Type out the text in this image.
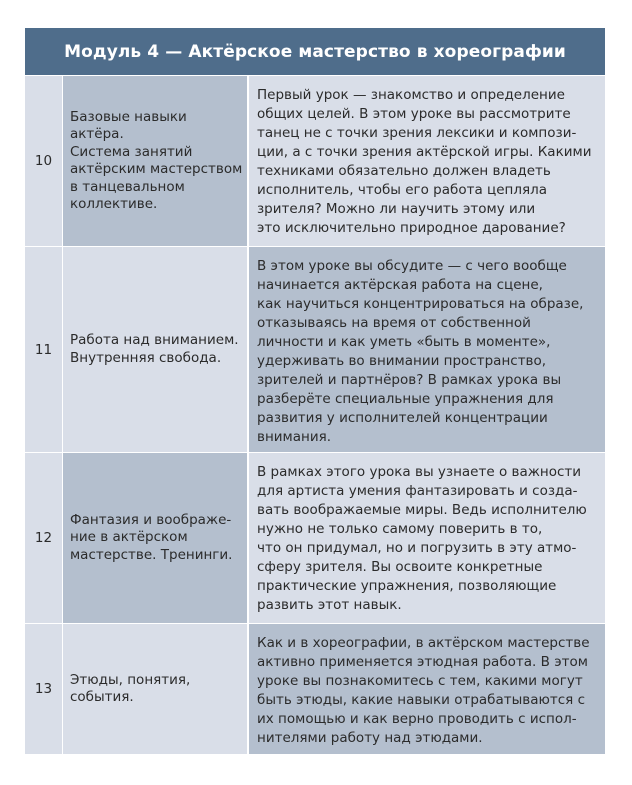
Модуль 4 — Актёрское мастерство в хореографии
10
Базовые навыки актёра.
Система занятий
актёрским мастерством
в танцевальном
коллективе.
Первый урок — знакомство и определение
общих целей. В этом уроке вы рассмотрите
танец не с точки зрения лексики и компози-
ции, а с точки зрения актёрской игры. Какими
техниками обязательно должен владеть
исполнитель, чтобы его работа цепляла
зрителя? Можно ли научить этому или
это исключительно природное дарование?
11
Работа над вниманием.
Внутренняя свобода.
В этом уроке вы обсудите — с чего вообще
начинается актёрская работа на сцене,
как научиться концентрироваться на образе,
отказываясь на время от собственной
личности и как уметь «быть в моменте»,
удерживать во внимании пространство,
зрителей и партнёров? В рамках урока вы
разберёте специальные упражнения для
развития у исполнителей концентрации
внимания.
12
Фантазия и воображе-
ние в актёрском
мастерстве. Тренинги.
В рамках этого урока вы узнаете о важности
для артиста умения фантазировать и созда-
вать воображаемые миры. Ведь исполнителю
нужно не только самому поверить в то,
что он придумал, но и погрузить в эту атмо-
сферу зрителя. Вы освоите конкретные
практические упражнения, позволяющие
развить этот навык.
13
Этюды, понятия,
события.
Как и в хореографии, в актёрском мастерстве
активно применяется этюдная работа. В этом
уроке вы познакомитесь с тем, какими могут
быть этюды, какие навыки отрабатываются с
их помощью и как верно проводить с испол-
нителями работу над этюдами.
